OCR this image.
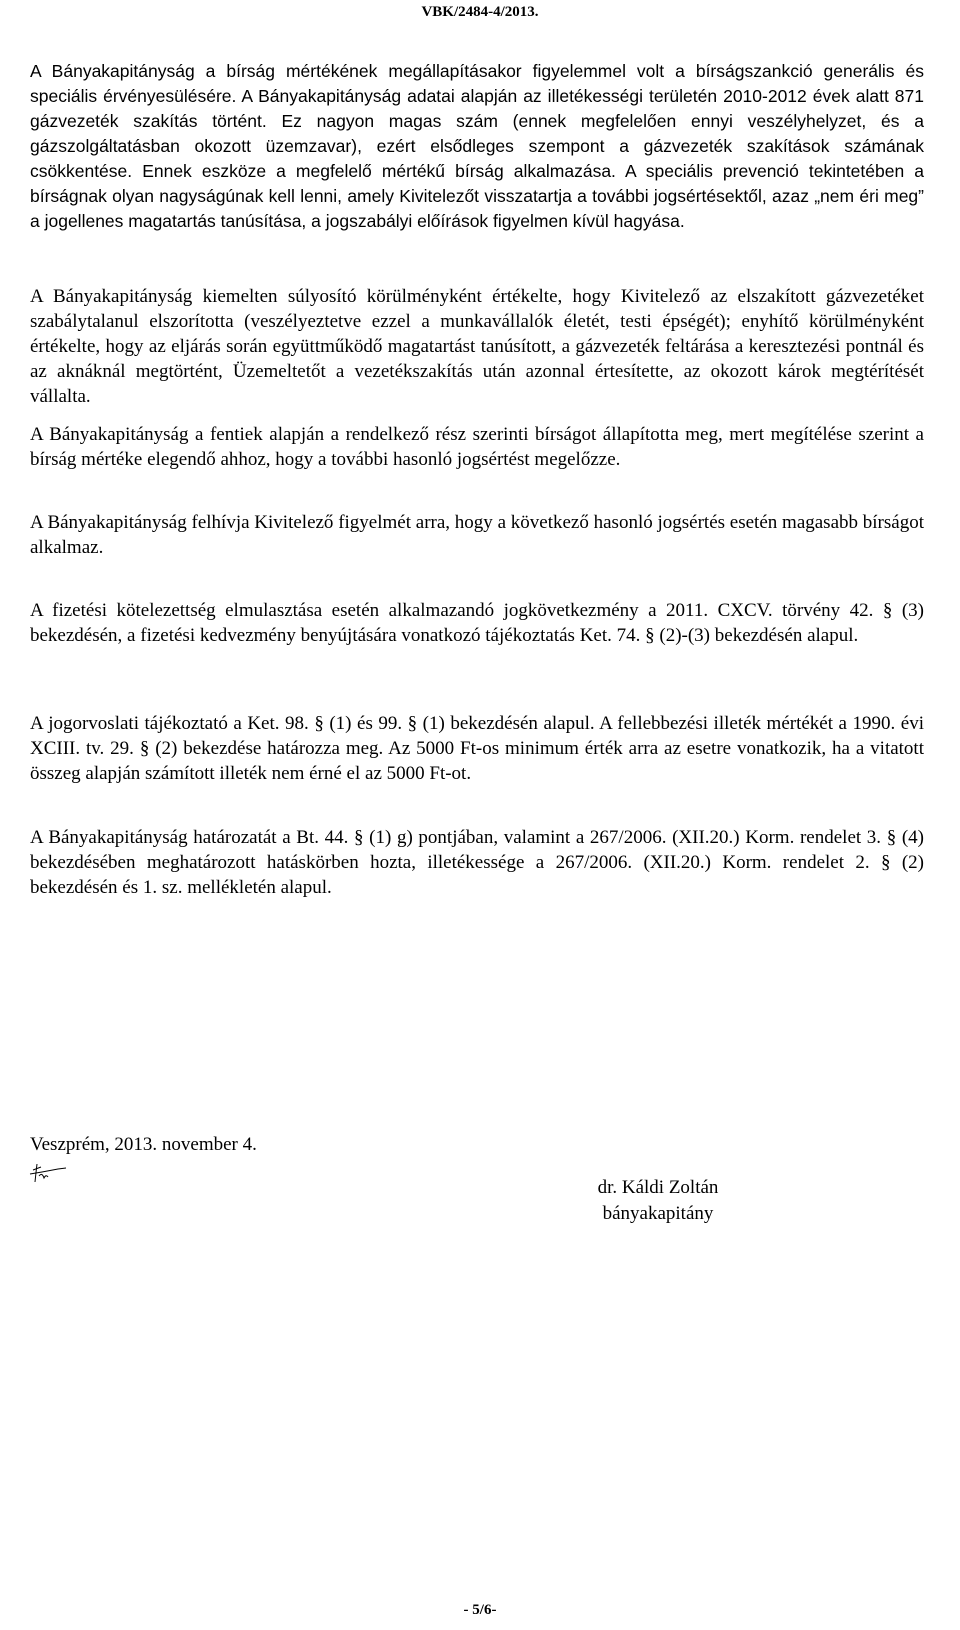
VBK/2484-4/2013.

A Bányakapitányság a bírság mértékének megállapításakor figyelemmel volt a bírságszankció generális és speciális érvényesülésére. A Bányakapitányság adatai alapján az illetékességi területén 2010-2012 évek alatt 871 gázvezeték szakítás történt. Ez nagyon magas szám (ennek megfelelően ennyi veszélyhelyzet, és a gázszolgáltatásban okozott üzemzavar), ezért elsődleges szempont a gázvezeték szakítások számának csökkentése. Ennek eszköze a megfelelő mértékű bírság alkalmazása. A speciális prevenció tekintetében a bírságnak olyan nagyságúnak kell lenni, amely Kivitelezőt visszatartja a további jogsértésektől, azaz „nem éri meg” a jogellenes magatartás tanúsítása, a jogszabályi előírások figyelmen kívül hagyása.

A Bányakapitányság kiemelten súlyosító körülményként értékelte, hogy Kivitelező az elszakított gázvezetéket szabálytalanul elszorította (veszélyeztetve ezzel a munkavállalók életét, testi épségét); enyhítő körülményként értékelte, hogy az eljárás során együttműködő magatartást tanúsított, a gázvezeték feltárása a keresztezési pontnál és az aknáknál megtörtént, Üzemeltetőt a vezetékszakítás után azonnal értesítette, az okozott károk megtérítését vállalta.

A Bányakapitányság a fentiek alapján a rendelkező rész szerinti bírságot állapította meg, mert megítélése szerint a bírság mértéke elegendő ahhoz, hogy a további hasonló jogsértést megelőzze.

A Bányakapitányság felhívja Kivitelező figyelmét arra, hogy a következő hasonló jogsértés esetén magasabb bírságot alkalmaz.

A fizetési kötelezettség elmulasztása esetén alkalmazandó jogkövetkezmény a 2011. CXCV. törvény 42. § (3) bekezdésén, a fizetési kedvezmény benyújtására vonatkozó tájékoztatás Ket. 74. § (2)-(3) bekezdésén alapul.

A jogorvoslati tájékoztató a Ket. 98. § (1) és 99. § (1) bekezdésén alapul. A fellebbezési illeték mértékét a 1990. évi XCIII. tv. 29. § (2) bekezdése határozza meg. Az 5000 Ft-os minimum érték arra az esetre vonatkozik, ha a vitatott összeg alapján számított illeték nem érné el az 5000 Ft-ot.

A Bányakapitányság határozatát a Bt. 44. § (1) g) pontjában, valamint a 267/2006. (XII.20.) Korm. rendelet 3. § (4) bekezdésében meghatározott hatáskörben hozta, illetékessége a 267/2006. (XII.20.) Korm. rendelet 2. § (2) bekezdésén és 1. sz. mellékletén alapul.

Veszprém, 2013. november 4.
dr. Káldi Zoltán
bányakapitány
- 5/6-
